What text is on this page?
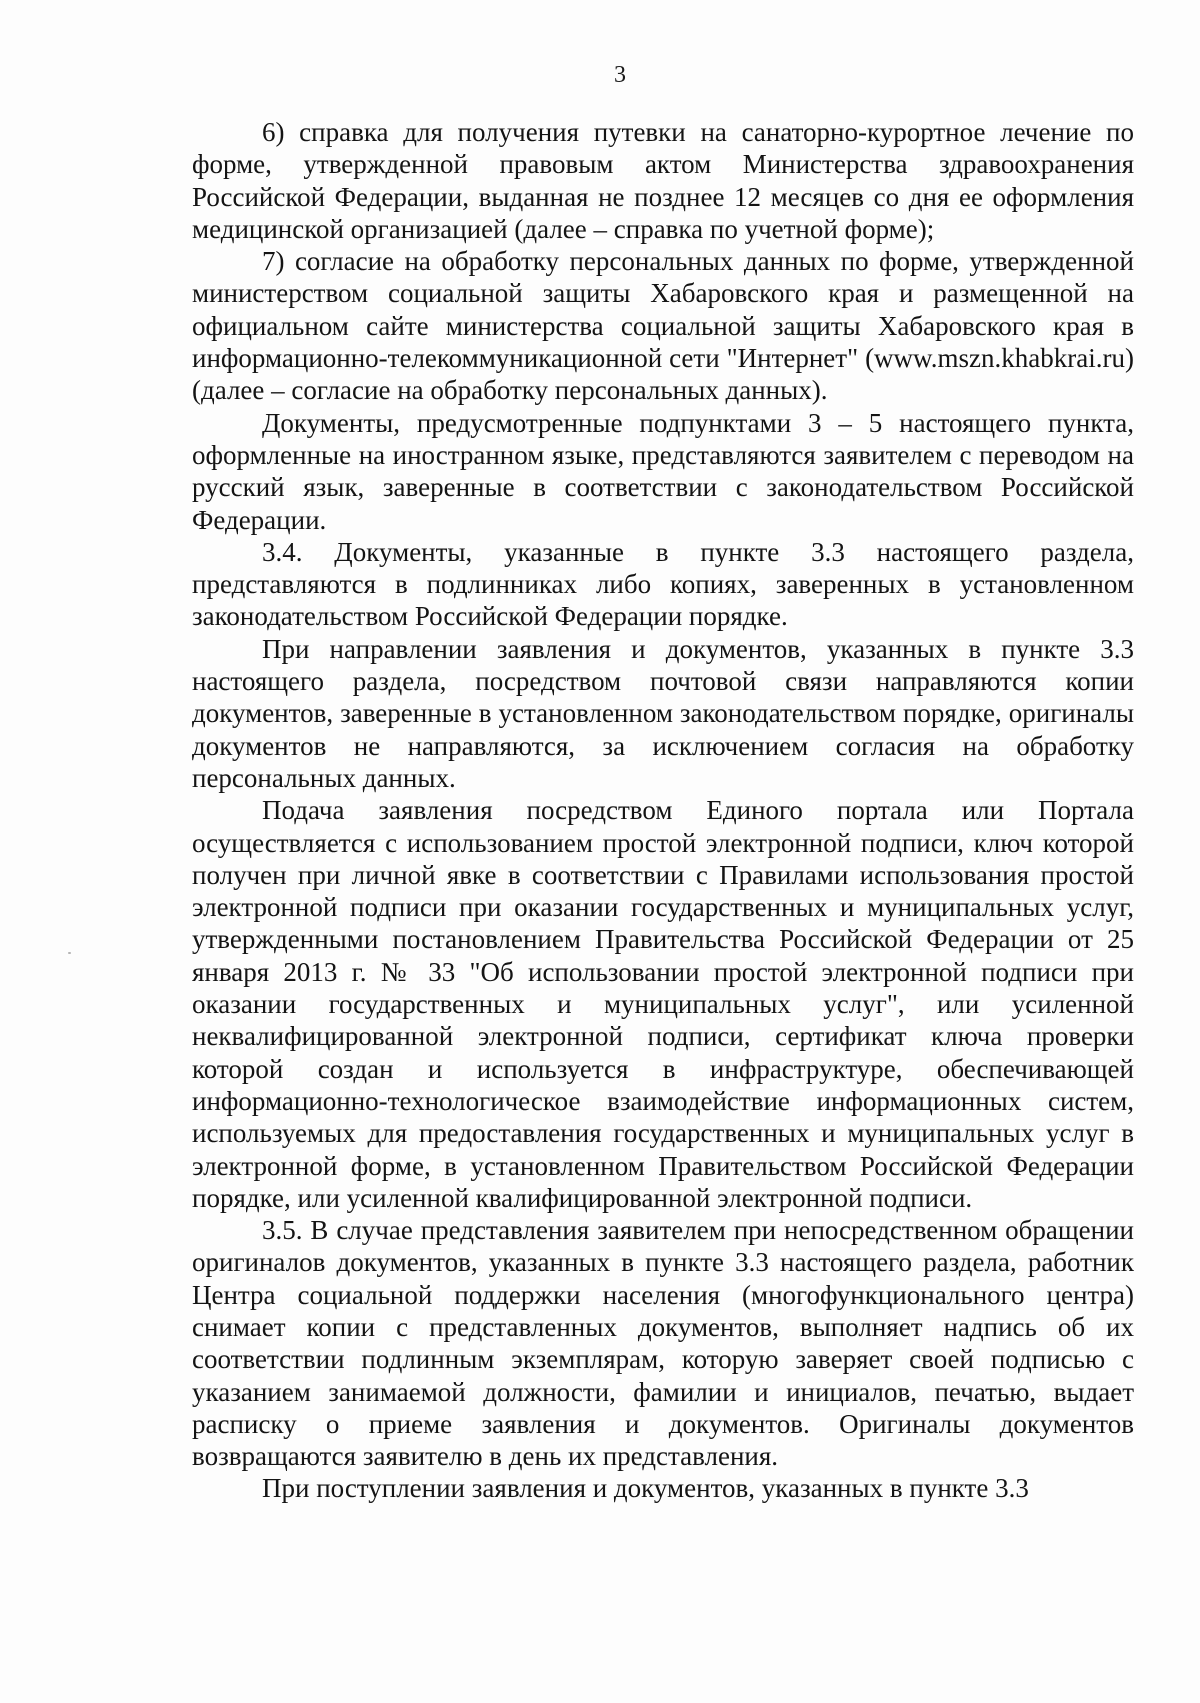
3

6) справка для получения путевки на санаторно-курортное лечение по форме, утвержденной правовым актом Министерства здравоохранения Российской Федерации, выданная не позднее 12 месяцев со дня ее оформления медицинской организацией (далее – справка по учетной форме);

7) согласие на обработку персональных данных по форме, утвержденной министерством социальной защиты Хабаровского края и размещенной на официальном сайте министерства социальной защиты Хабаровского края в информационно-телекоммуникационной сети "Интернет" (www.mszn.khabkrai.ru) (далее – согласие на обработку персональных данных).

Документы, предусмотренные подпунктами 3 – 5 настоящего пункта, оформленные на иностранном языке, представляются заявителем с переводом на русский язык, заверенные в соответствии с законодательством Российской Федерации.

3.4. Документы, указанные в пункте 3.3 настоящего раздела, представляются в подлинниках либо копиях, заверенных в установленном законодательством Российской Федерации порядке.

При направлении заявления и документов, указанных в пункте 3.3 настоящего раздела, посредством почтовой связи направляются копии документов, заверенные в установленном законодательством порядке, оригиналы документов не направляются, за исключением согласия на обработку персональных данных.

Подача заявления посредством Единого портала или Портала осуществляется с использованием простой электронной подписи, ключ которой получен при личной явке в соответствии с Правилами использования простой электронной подписи при оказании государственных и муниципальных услуг, утвержденными постановлением Правительства Российской Федерации от 25 января 2013 г. № 33 "Об использовании простой электронной подписи при оказании государственных и муниципальных услуг", или усиленной неквалифицированной электронной подписи, сертификат ключа проверки которой создан и используется в инфраструктуре, обеспечивающей информационно-технологическое взаимодействие информационных систем, используемых для предоставления государственных и муниципальных услуг в электронной форме, в установленном Правительством Российской Федерации порядке, или усиленной квалифицированной электронной подписи.

3.5. В случае представления заявителем при непосредственном обращении оригиналов документов, указанных в пункте 3.3 настоящего раздела, работник Центра социальной поддержки населения (многофункционального центра) снимает копии с представленных документов, выполняет надпись об их соответствии подлинным экземплярам, которую заверяет своей подписью с указанием занимаемой должности, фамилии и инициалов, печатью, выдает расписку о приеме заявления и документов. Оригиналы документов возвращаются заявителю в день их представления.

При поступлении заявления и документов, указанных в пункте 3.3
